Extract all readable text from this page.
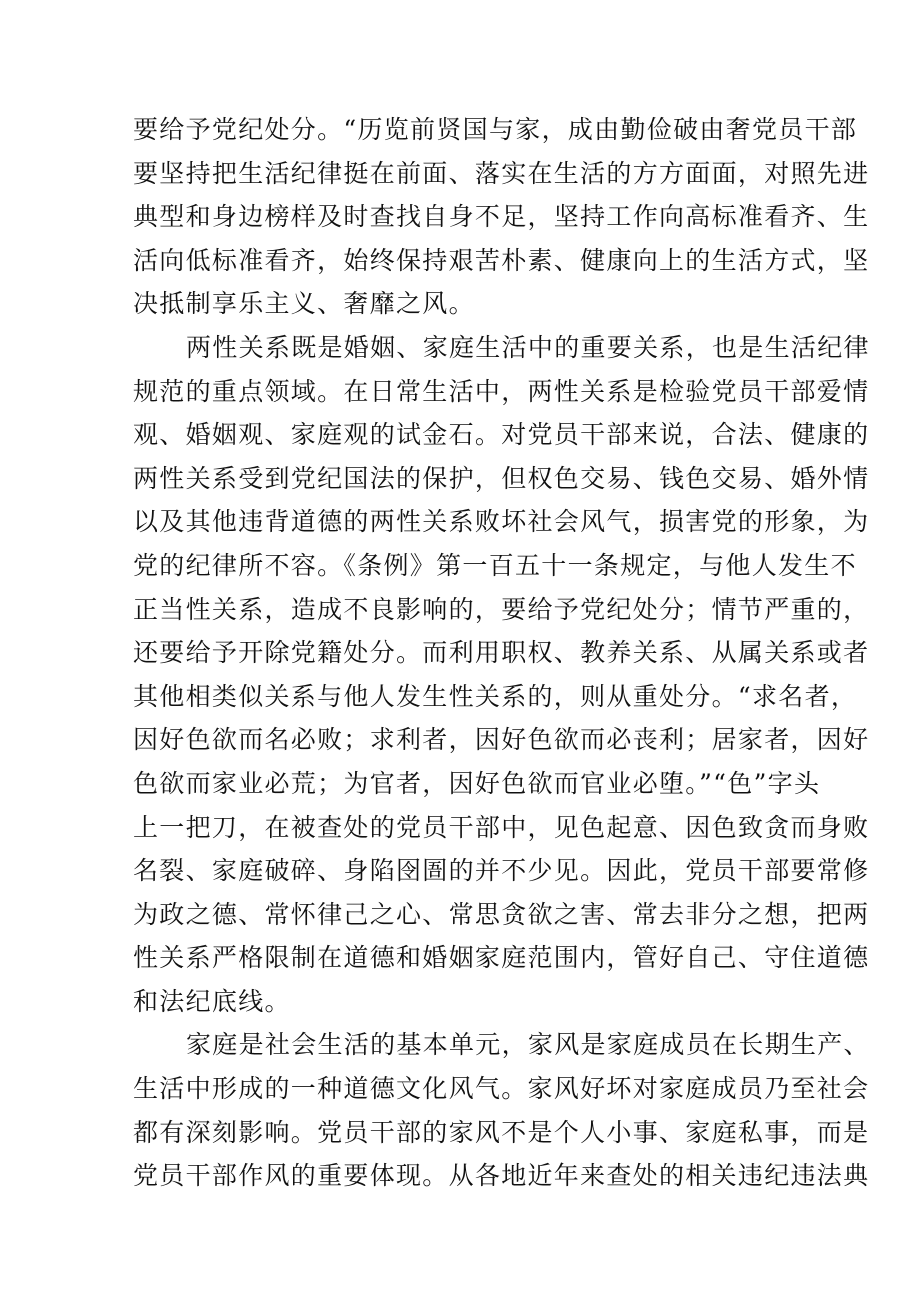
要给予党纪处分。“历览前贤国与家，成由勤俭破由奢党员干部
要坚持把生活纪律挺在前面、落实在生活的方方面面，对照先进
典型和身边榜样及时查找自身不足，坚持工作向高标准看齐、生
活向低标准看齐，始终保持艰苦朴素、健康向上的生活方式，坚
决抵制享乐主义、奢靡之风。
两性关系既是婚姻、家庭生活中的重要关系，也是生活纪律
规范的重点领域。在日常生活中，两性关系是检验党员干部爱情
观、婚姻观、家庭观的试金石。对党员干部来说，合法、健康的
两性关系受到党纪国法的保护，但权色交易、钱色交易、婚外情
以及其他违背道德的两性关系败坏社会风气，损害党的形象，为
党的纪律所不容。《条例》第一百五十一条规定，与他人发生不
正当性关系，造成不良影响的，要给予党纪处分；情节严重的，
还要给予开除党籍处分。而利用职权、教养关系、从属关系或者
其他相类似关系与他人发生性关系的，则从重处分。“求名者，
因好色欲而名必败；求利者，因好色欲而必丧利；居家者，因好
色欲而家业必荒；为官者，因好色欲而官业必堕。”“色”字头
上一把刀，在被查处的党员干部中，见色起意、因色致贪而身败
名裂、家庭破碎、身陷囹圄的并不少见。因此，党员干部要常修
为政之德、常怀律己之心、常思贪欲之害、常去非分之想，把两
性关系严格限制在道德和婚姻家庭范围内，管好自己、守住道德
和法纪底线。
家庭是社会生活的基本单元，家风是家庭成员在长期生产、
生活中形成的一种道德文化风气。家风好坏对家庭成员乃至社会
都有深刻影响。党员干部的家风不是个人小事、家庭私事，而是
党员干部作风的重要体现。从各地近年来查处的相关违纪违法典
